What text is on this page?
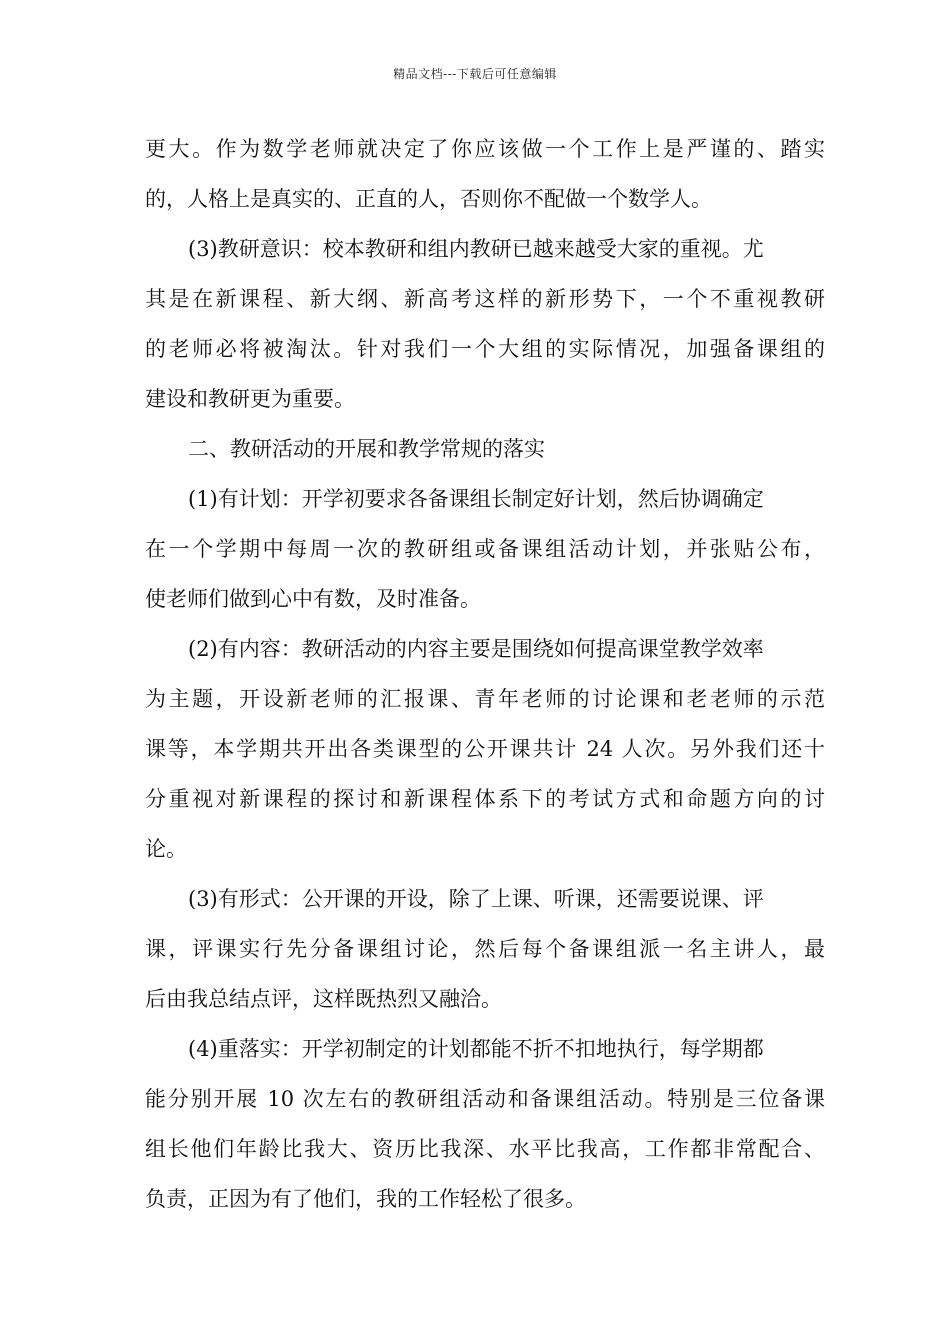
精品文档---下载后可任意编辑
更大。作为数学老师就决定了你应该做一个工作上是严谨的、踏实
的，人格上是真实的、正直的人，否则你不配做一个数学人。
(3)教研意识：校本教研和组内教研已越来越受大家的重视。尤
其是在新课程、新大纲、新高考这样的新形势下，一个不重视教研
的老师必将被淘汰。针对我们一个大组的实际情况，加强备课组的
建设和教研更为重要。
二、教研活动的开展和教学常规的落实
(1)有计划：开学初要求各备课组长制定好计划，然后协调确定
在一个学期中每周一次的教研组或备课组活动计划，并张贴公布，
使老师们做到心中有数，及时准备。
(2)有内容：教研活动的内容主要是围绕如何提高课堂教学效率
为主题，开设新老师的汇报课、青年老师的讨论课和老老师的示范
课等，本学期共开出各类课型的公开课共计 24 人次。另外我们还十
分重视对新课程的探讨和新课程体系下的考试方式和命题方向的讨
论。
(3)有形式：公开课的开设，除了上课、听课，还需要说课、评
课，评课实行先分备课组讨论，然后每个备课组派一名主讲人，最
后由我总结点评，这样既热烈又融洽。
(4)重落实：开学初制定的计划都能不折不扣地执行，每学期都
能分别开展 10 次左右的教研组活动和备课组活动。特别是三位备课
组长他们年龄比我大、资历比我深、水平比我高，工作都非常配合、
负责，正因为有了他们，我的工作轻松了很多。
